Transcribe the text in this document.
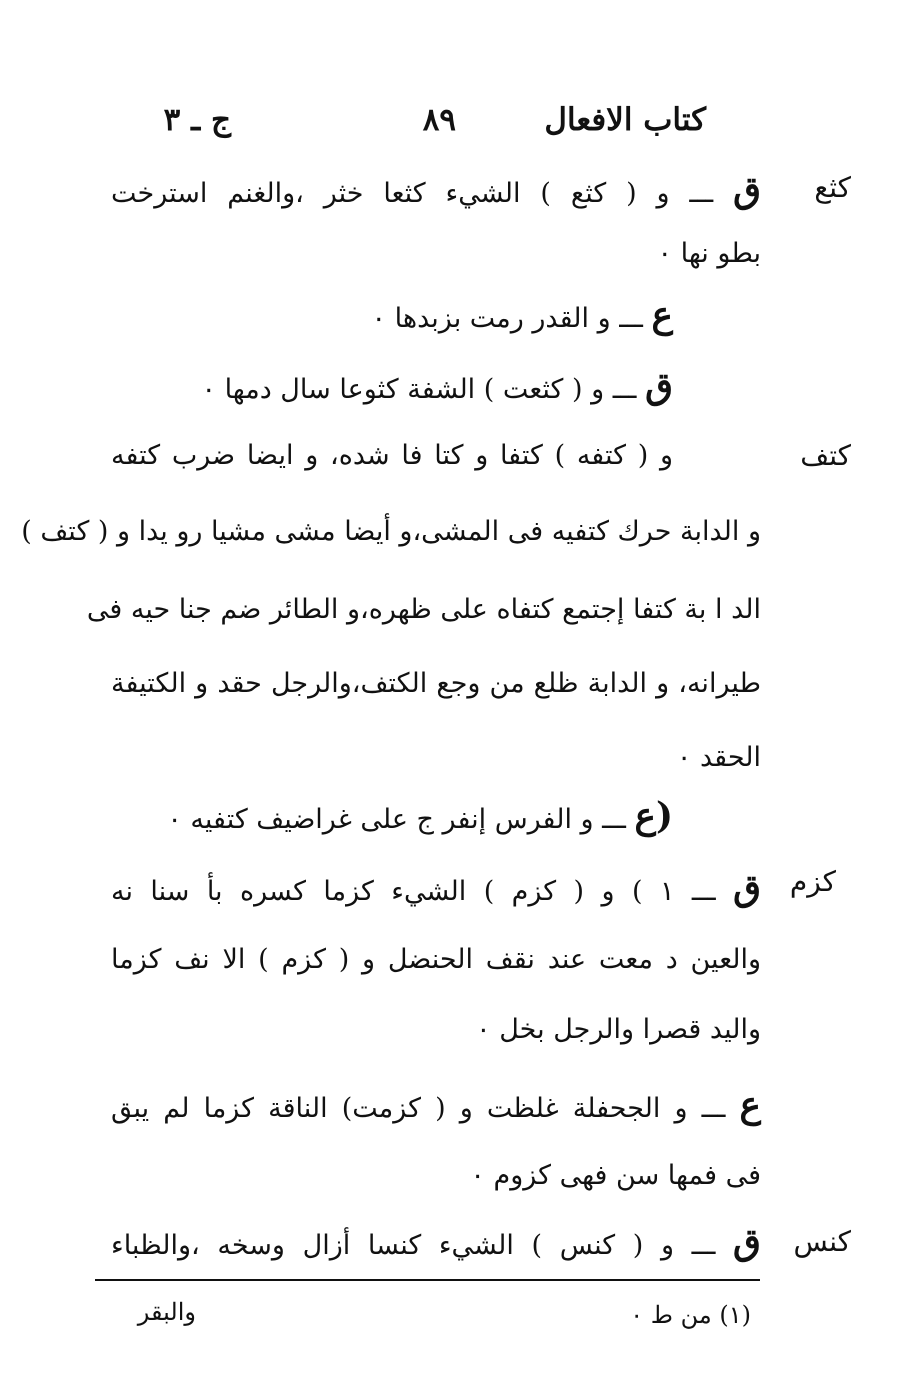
كتاب الافعال
٨٩
ج ـ ٣
كثع
ق ـــ و ( كثع ) الشيء كثعا خثر ،والغنم استرخت
بطو نها ٠
ع ـــ و القدر رمت بزبدها ٠
ق ـــ و ( كثعت ) الشفة كثوعا سال دمها ٠
كتف
و ( كتفه ) كتفا و كتا فا شده، و ايضا ضرب كتفه
و الدابة حرك كتفيه فى المشى،و أيضا مشى مشيا رو يدا و ( كتف )
الد ا بة كتفا إجتمع كتفاه على ظهره،و الطائر ضم جنا حيه فى
طيرانه، و الدابة ظلع من وجع الكتف،والرجل حقد و الكتيفة
الحقد ٠
(ع ـــ و الفرس إنفر ج على غراضيف كتفيه ٠
كزم
ق ـــ ١ ) و ( كزم ) الشيء كزما كسره بأ سنا نه
والعين د معت عند نقف الحنضل و ( كزم ) الا نف كزما
واليد قصرا والرجل بخل ٠
ع ـــ و الجحفلة غلظت و ( كزمت) الناقة كزما لم يبق
فى فمها سن فهى كزوم ٠
كنس
ق ـــ و ( كنس ) الشيء كنسا أزال وسخه ،والظباء
(١) من ط ٠
والبقر
